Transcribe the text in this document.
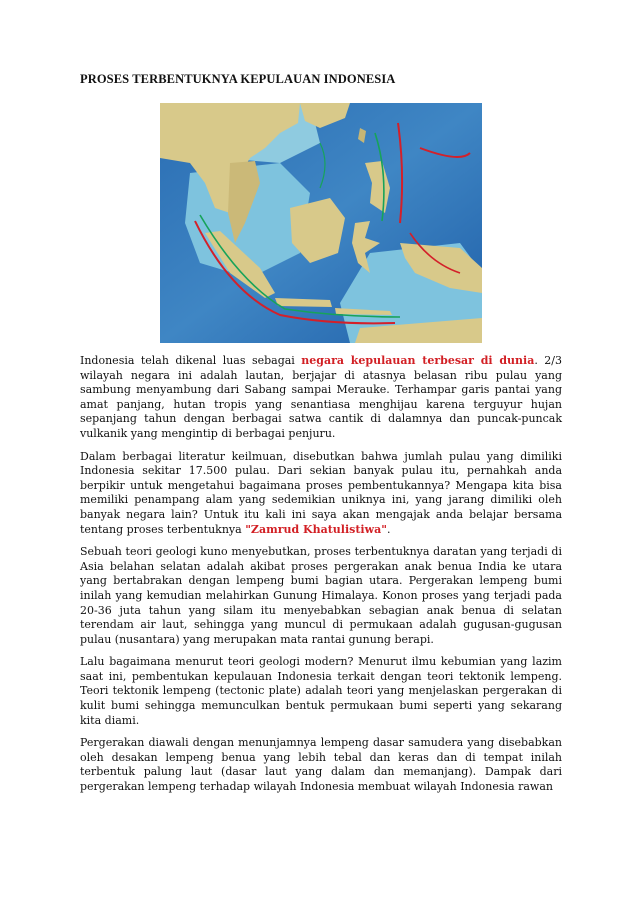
PROSES TERBENTUKNYA KEPULAUAN INDONESIA

Indonesia telah dikenal luas sebagai negara kepulauan terbesar di dunia. 2/3 wilayah negara ini adalah lautan, berjajar di atasnya belasan ribu pulau yang sambung menyambung dari Sabang sampai Merauke. Terhampar garis pantai yang amat panjang, hutan tropis yang senantiasa menghijau karena terguyur hujan sepanjang tahun dengan berbagai satwa cantik di dalamnya dan puncak-puncak vulkanik yang mengintip di berbagai penjuru.

Dalam berbagai literatur keilmuan, disebutkan bahwa jumlah pulau yang dimiliki Indonesia sekitar 17.500 pulau. Dari sekian banyak pulau itu, pernahkah anda berpikir untuk mengetahui bagaimana proses pembentukannya? Mengapa kita bisa memiliki penampang alam yang sedemikian uniknya ini, yang jarang dimiliki oleh banyak negara lain? Untuk itu kali ini saya akan mengajak anda belajar bersama tentang proses terbentuknya "Zamrud Khatulistiwa".

Sebuah teori geologi kuno menyebutkan, proses terbentuknya daratan yang terjadi di Asia belahan selatan adalah akibat proses pergerakan anak benua India ke utara yang bertabrakan dengan lempeng bumi bagian utara. Pergerakan lempeng bumi inilah yang kemudian melahirkan Gunung Himalaya. Konon proses yang terjadi pada 20-36 juta tahun yang silam itu menyebabkan sebagian anak benua di selatan terendam air laut, sehingga yang muncul di permukaan adalah gugusan-gugusan pulau (nusantara) yang merupakan mata rantai gunung berapi.

Lalu bagaimana menurut teori geologi modern? Menurut ilmu kebumian yang lazim saat ini, pembentukan kepulauan Indonesia terkait dengan teori tektonik lempeng. Teori tektonik lempeng (tectonic plate) adalah teori yang menjelaskan pergerakan di kulit bumi sehingga memunculkan bentuk permukaan bumi seperti yang sekarang kita diami.

Pergerakan diawali dengan menunjamnya lempeng dasar samudera yang disebabkan oleh desakan lempeng benua yang lebih tebal dan keras dan di tempat inilah terbentuk palung laut (dasar laut yang dalam dan memanjang). Dampak dari pergerakan lempeng terhadap wilayah Indonesia membuat wilayah Indonesia rawan
